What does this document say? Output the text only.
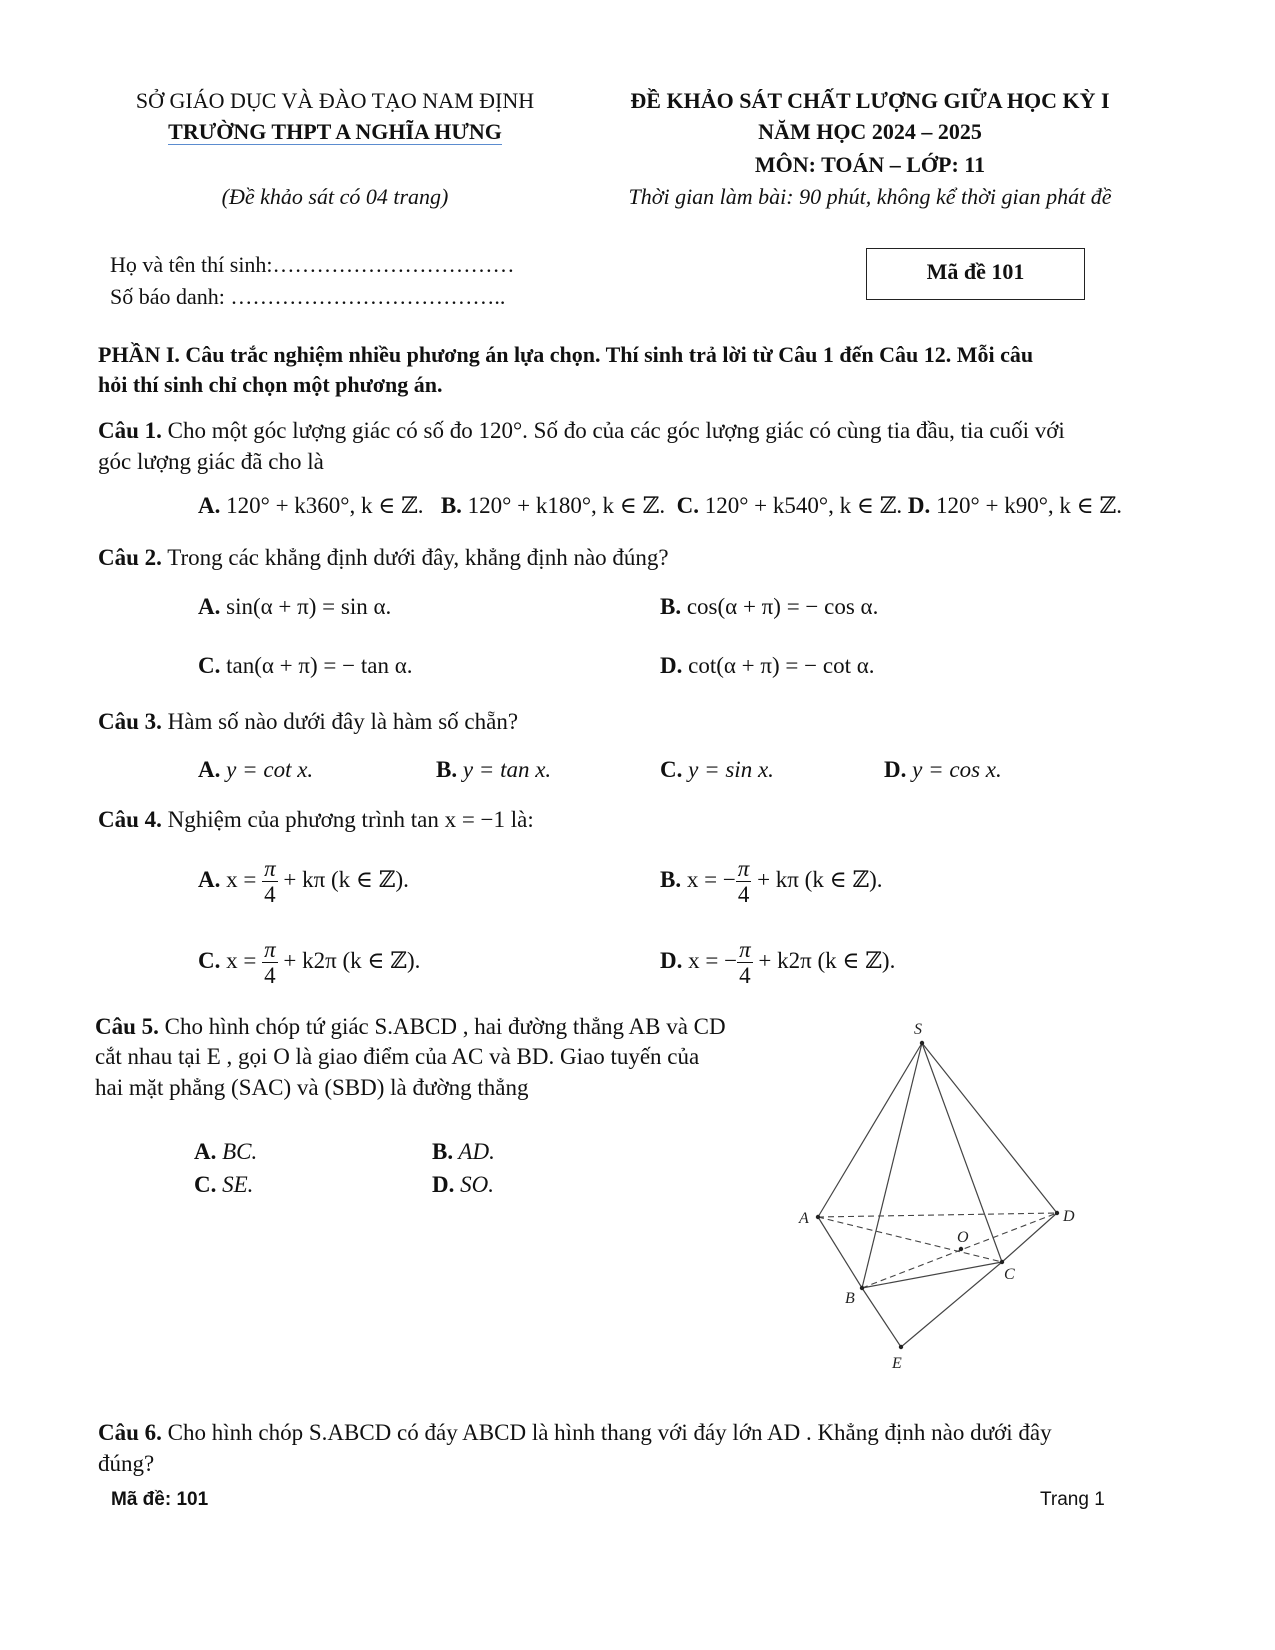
SỞ GIÁO DỤC VÀ ĐÀO TẠO NAM ĐỊNH
TRƯỜNG THPT A NGHĨA HƯNG
(Đề khảo sát có 04 trang)
ĐỀ KHẢO SÁT CHẤT LƯỢNG GIỮA HỌC KỲ I
NĂM HỌC 2024 – 2025
MÔN: TOÁN – LỚP: 11
Thời gian làm bài: 90 phút, không kể thời gian phát đề
Họ và tên thí sinh:……………………………
Số báo danh: ………………………………..
Mã đề 101
PHẦN I. Câu trắc nghiệm nhiều phương án lựa chọn. Thí sinh trả lời từ Câu 1 đến Câu 12. Mỗi câu
hỏi thí sinh chỉ chọn một phương án.
Câu 1. Cho một góc lượng giác có số đo 120°. Số đo của các góc lượng giác có cùng tia đầu, tia cuối với
góc lượng giác đã cho là
A. 120° + k360°, k ∈ ℤ. B. 120° + k180°, k ∈ ℤ. C. 120° + k540°, k ∈ ℤ. D. 120° + k90°, k ∈ ℤ.
Câu 2. Trong các khẳng định dưới đây, khẳng định nào đúng?
A. sin(α + π) = sin α.	B. cos(α + π) = − cos α.
C. tan(α + π) = − tan α.	D. cot(α + π) = − cot α.
Câu 3. Hàm số nào dưới đây là hàm số chẵn?
A. y = cot x.	B. y = tan x.	C. y = sin x.	D. y = cos x.
Câu 4. Nghiệm của phương trình tan x = −1 là:
A. $x = \frac{\pi}{4} + k\pi$ (k ∈ ℤ).	B. x = − $\frac{\pi}{4} + k\pi$ (k ∈ ℤ).
C. $x = \frac{\pi}{4} + k2\pi$ (k ∈ ℤ).	D. x = − $\frac{\pi}{4} + k2\pi$ (k ∈ ℤ).
Câu 5. Cho hình chóp tứ giác S.ABCD , hai đường thẳng AB và CD
cắt nhau tại E , gọi O là giao điểm của AC và BD. Giao tuyến của
hai mặt phẳng (SAC) và (SBD) là đường thẳng
A. BC.	B. AD.
C. SE.	D. SO.
S
A
B
C
D
E
O
Câu 6. Cho hình chóp S.ABCD có đáy ABCD là hình thang với đáy lớn AD . Khẳng định nào dưới đây
đúng?
Mã đề: 101	Trang 1
